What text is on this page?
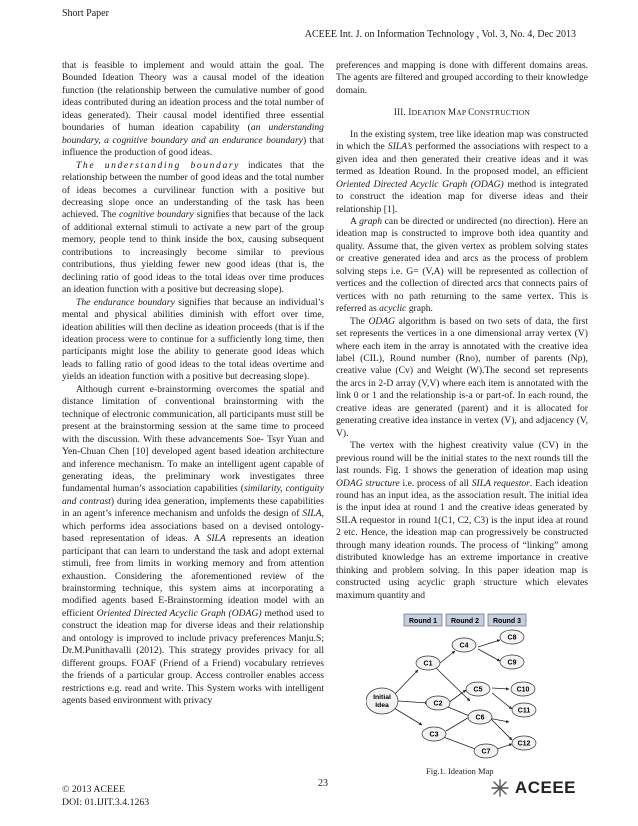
Short Paper
ACEEE Int. J. on Information Technology , Vol. 3, No. 4, Dec 2013

that is feasible to implement and would attain the goal. The Bounded Ideation Theory was a causal model of the ideation function (the relationship between the cumulative number of good ideas contributed during an ideation process and the total number of ideas generated). Their causal model identified three essential boundaries of human ideation capability (an understanding boundary, a cognitive boundary and an endurance boundary) that influence the production of good ideas.

The understanding boundary indicates that the relationship between the number of good ideas and the total number of ideas becomes a curvilinear function with a positive but decreasing slope once an understanding of the task has been achieved. The cognitive boundary signifies that because of the lack of additional external stimuli to activate a new part of the group memory, people tend to think inside the box, causing subsequent contributions to increasingly become similar to previous contributions, thus yielding fewer new good ideas (that is, the declining ratio of good ideas to the total ideas over time produces an ideation function with a positive but decreasing slope).

The endurance boundary signifies that because an individual’s mental and physical abilities diminish with effort over time, ideation abilities will then decline as ideation proceeds (that is if the ideation process were to continue for a sufficiently long time, then participants might lose the ability to generate good ideas which leads to falling ratio of good ideas to the total ideas overtime and yields an ideation function with a positive but decreasing slope).

Although current e-brainstorming overcomes the spatial and distance limitation of conventional brainstorming with the technique of electronic communication, all participants must still be present at the brainstorming session at the same time to proceed with the discussion. With these advancements Soe- Tsyr Yuan and Yen-Chuan Chen [10] developed agent based ideation architecture and inference mechanism. To make an intelligent agent capable of generating ideas, the preliminary work investigates three fundamental human’s association capabilities (similarity, contiguity and contrast) during idea generation, implements these capabilities in an agent’s inference mechanism and unfolds the design of SILA, which performs idea associations based on a devised ontology-based representation of ideas. A SILA represents an ideation participant that can learn to understand the task and adopt external stimuli, free from limits in working memory and from attention exhaustion. Considering the aforementioned review of the brainstorming technique, this system aims at incorporating a modified agents based E-Brainstorming ideation model with an efficient Oriented Directed Acyclic Graph (ODAG) method used to construct the ideation map for diverse ideas and their relationship and ontology is improved to include privacy preferences Manju.S; Dr.M.Punithavalli (2012). This strategy provides privacy for all different groups. FOAF (Friend of a Friend) vocabulary retrieves the friends of a particular group. Access controller enables access restrictions e.g. read and write. This System works with intelligent agents based environment with privacy

preferences and mapping is done with different domains areas. The agents are filtered and grouped according to their knowledge domain.

III. IDEATION MAP CONSTRUCTION

In the existing system, tree like ideation map was constructed in which the SILA’s performed the associations with respect to a given idea and then generated their creative ideas and it was termed as Ideation Round. In the proposed model, an efficient Oriented Directed Acyclic Graph (ODAG) method is integrated to construct the ideation map for diverse ideas and their relationship [1].

A graph can be directed or undirected (no direction). Here an ideation map is constructed to improve both idea quantity and quality. Assume that, the given vertex as problem solving states or creative generated idea and arcs as the process of problem solving steps i.e. G= (V,A) will be represented as collection of vertices and the collection of directed arcs that connects pairs of vertices with no path returning to the same vertex. This is referred as acyclic graph.

The ODAG algorithm is based on two sets of data, the first set represents the vertices in a one dimensional array vertex (V) where each item in the array is annotated with the creative idea label (CIL), Round number (Rno), number of parents (Np), creative value (Cv) and Weight (W).The second set represents the arcs in 2-D array (V,V) where each item is annotated with the link 0 or 1 and the relationship is-a or part-of. In each round, the creative ideas are generated (parent) and it is allocated for generating creative idea instance in vertex (V), and adjacency (V, V).

The vertex with the highest creativity value (CV) in the previous round will be the initial states to the next rounds till the last rounds. Fig. 1 shows the generation of ideation map using ODAG structure i.e. process of all SILA requestor. Each ideation round has an input idea, as the association result. The initial idea is the input idea at round 1 and the creative ideas generated by SILA requestor in round 1(C1, C2, C3) is the input idea at round 2 etc. Hence, the ideation map can progressively be constructed through many ideation rounds. The process of “linking” among distributed knowledge has an extreme importance in creative thinking and problem solving. In this paper ideation map is constructed using acyclic graph structure which elevates maximum quantity and

Round 1 Round 2 Round 3
Initial
Idea
C1
C2
C3
C4
C5
C6
C7
C8
C9
C10
C11
C12
Fig.1. Ideation Map
23
© 2013 ACEEE
DOI: 01.IJIT.3.4.1263
ACEEE
